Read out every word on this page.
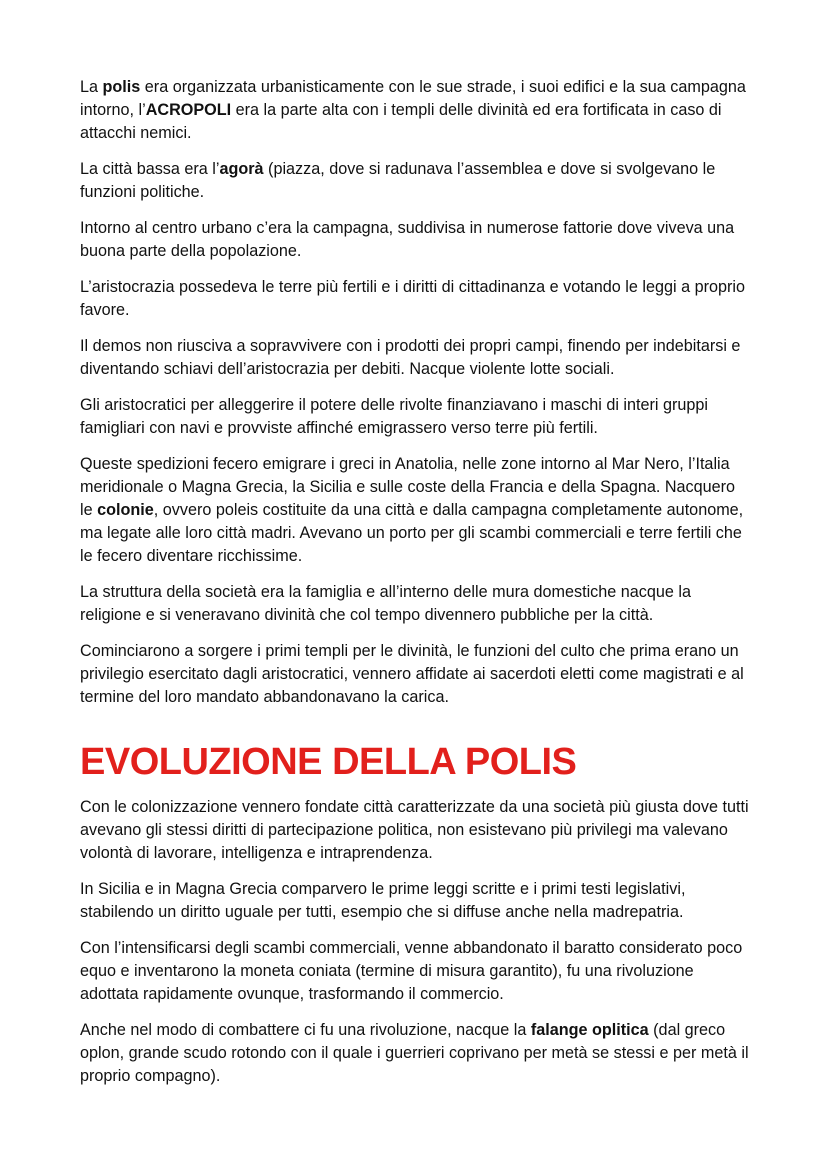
La polis era organizzata urbanisticamente con le sue strade, i suoi edifici e la sua campagna intorno, l’ACROPOLI era la parte alta con i templi delle divinità ed era fortificata in caso di attacchi nemici.

La città bassa era l’agorà (piazza, dove si radunava l’assemblea e dove si svolgevano le funzioni politiche.

Intorno al centro urbano c’era la campagna, suddivisa in numerose fattorie dove viveva una buona parte della popolazione.

L’aristocrazia possedeva le terre più fertili e i diritti di cittadinanza e votando le leggi a proprio favore.

Il demos non riusciva a sopravvivere con i prodotti dei propri campi, finendo per indebitarsi e diventando schiavi dell’aristocrazia per debiti. Nacque violente lotte sociali.

Gli aristocratici per alleggerire il potere delle rivolte finanziavano i maschi di interi gruppi famigliari con navi e provviste affinché emigrassero verso terre più fertili.

Queste spedizioni fecero emigrare i greci in Anatolia, nelle zone intorno al Mar Nero, l’Italia meridionale o Magna Grecia, la Sicilia e sulle coste della Francia e della Spagna. Nacquero le colonie, ovvero poleis costituite da una città e dalla campagna completamente autonome, ma legate alle loro città madri. Avevano un porto per gli scambi commerciali e terre fertili che le fecero diventare ricchissime.

La struttura della società era la famiglia e all’interno delle mura domestiche nacque la religione e si veneravano divinità che col tempo divennero pubbliche per la città.

Cominciarono a sorgere i primi templi per le divinità, le funzioni del culto che prima erano un privilegio esercitato dagli aristocratici, vennero affidate ai sacerdoti eletti come magistrati e al termine del loro mandato abbandonavano la carica.

EVOLUZIONE DELLA POLIS

Con le colonizzazione vennero fondate città caratterizzate da una società più giusta dove tutti avevano gli stessi diritti di partecipazione politica, non esistevano più privilegi ma valevano volontà di lavorare, intelligenza e intraprendenza.

In Sicilia e in Magna Grecia comparvero le prime leggi scritte e i primi testi legislativi, stabilendo un diritto uguale per tutti, esempio che si diffuse anche nella madrepatria.

Con l’intensificarsi degli scambi commerciali, venne abbandonato il baratto considerato poco equo e inventarono la moneta coniata (termine di misura garantito), fu una rivoluzione adottata rapidamente ovunque, trasformando il commercio.

Anche nel modo di combattere ci fu una rivoluzione, nacque la falange oplitica (dal greco oplon, grande scudo rotondo con il quale i guerrieri coprivano per metà se stessi e per metà il proprio compagno).
